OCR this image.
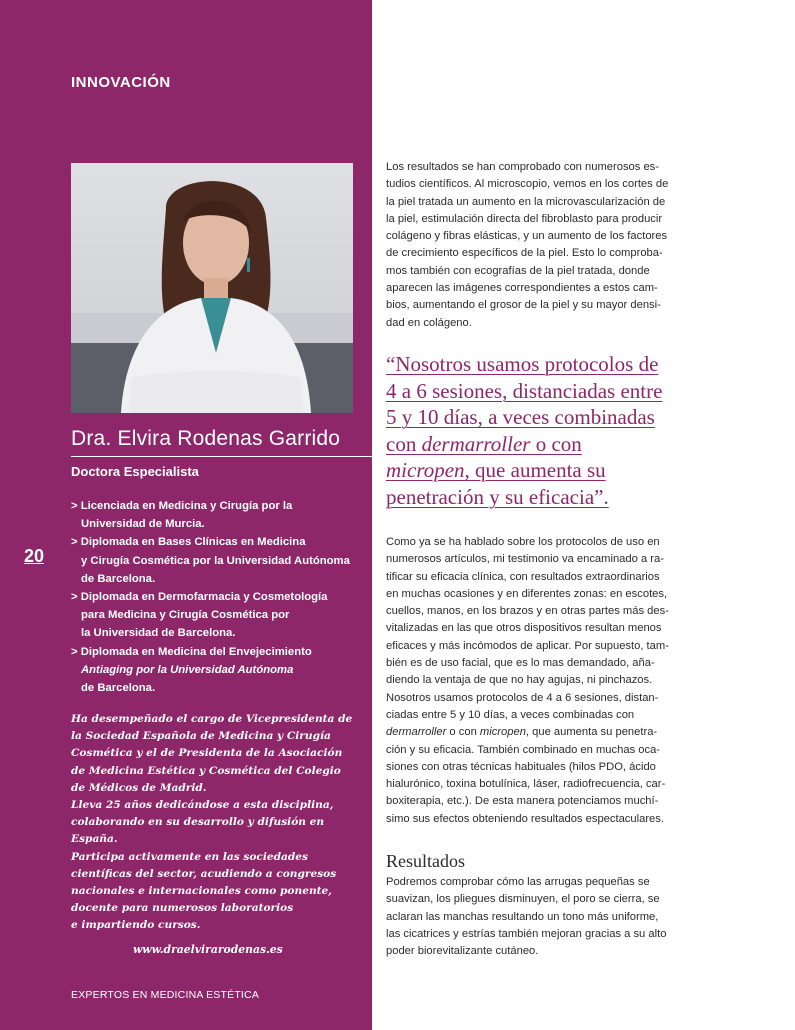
INNOVACIÓN
Dra. Elvira Rodenas Garrido
Doctora Especialista
> Licenciada en Medicina y Cirugía por la
Universidad de Murcia.
> Diplomada en Bases Clínicas en Medicina
y Cirugía Cosmética por la Universidad Autónoma
de Barcelona.
> Diplomada en Dermofarmacia y Cosmetología
para Medicina y Cirugía Cosmética por
la Universidad de Barcelona.
> Diplomada en Medicina del Envejecimiento
Antiaging por la Universidad Autónoma
de Barcelona.
20
Ha desempeñado el cargo de Vicepresidenta de
la Sociedad Española de Medicina y Cirugía
Cosmética y el de Presidenta de la Asociación
de Medicina Estética y Cosmética del Colegio
de Médicos de Madrid.
Lleva 25 años dedicándose a esta disciplina,
colaborando en su desarrollo y difusión en
España.
Participa activamente en las sociedades
científicas del sector, acudiendo a congresos
nacionales e internacionales como ponente,
docente para numerosos laboratorios
e impartiendo cursos.
www.draelvirarodenas.es
EXPERTOS EN MEDICINA ESTÉTICA
Los resultados se han comprobado con numerosos es-
tudios científicos. Al microscopio, vemos en los cortes de
la piel tratada un aumento en la microvascularización de
la piel, estimulación directa del fibroblasto para producir
colágeno y fibras elásticas, y un aumento de los factores
de crecimiento específicos de la piel. Esto lo comproba-
mos también con ecografías de la piel tratada, donde
aparecen las imágenes correspondientes a estos cam-
bios, aumentando el grosor de la piel y su mayor densi-
dad en colágeno.
“Nosotros usamos protocolos de
4 a 6 sesiones, distanciadas entre
5 y 10 días, a veces combinadas
con dermarroller o con
micropen, que aumenta su
penetración y su eficacia”.
Como ya se ha hablado sobre los protocolos de uso en
numerosos artículos, mi testimonio va encaminado a ra-
tificar su eficacia clínica, con resultados extraordinarios
en muchas ocasiones y en diferentes zonas: en escotes,
cuellos, manos, en los brazos y en otras partes más des-
vitalizadas en las que otros dispositivos resultan menos
eficaces y más incómodos de aplicar. Por supuesto, tam-
bién es de uso facial, que es lo mas demandado, aña-
diendo la ventaja de que no hay agujas, ni pinchazos.
Nosotros usamos protocolos de 4 a 6 sesiones, distan-
ciadas entre 5 y 10 días, a veces combinadas con
dermarroller o con micropen, que aumenta su penetra-
ción y su eficacia. También combinado en muchas oca-
siones con otras técnicas habituales (hilos PDO, ácido
hialurónico, toxina botulínica, láser, radiofrecuencia, car-
boxiterapia, etc.). De esta manera potenciamos muchí-
simo sus efectos obteniendo resultados espectaculares.
Resultados
Podremos comprobar cómo las arrugas pequeñas se
suavizan, los pliegues disminuyen, el poro se cierra, se
aclaran las manchas resultando un tono más uniforme,
las cicatrices y estrías también mejoran gracias a su alto
poder biorevitalizante cutáneo.
